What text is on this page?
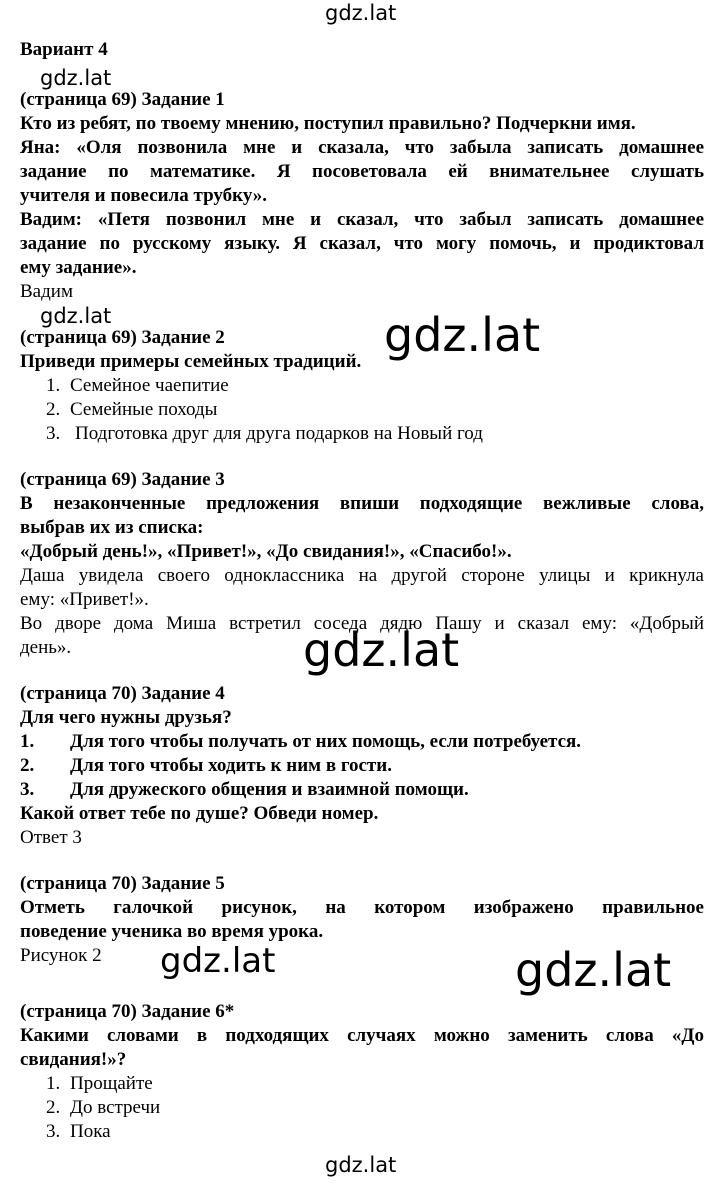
gdz.lat
gdz.lat
gdz.lat	gdz.lat
gdz.lat
gdz.lat	gdz.lat
gdz.lat
Вариант 4
(страница 69) Задание 1
Кто из ребят, по твоему мнению, поступил правильно? Подчеркни имя.
Яна: «Оля позвонила мне и сказала, что забыла записать домашнее
задание по математике. Я посоветовала ей внимательнее слушать
учителя и повесила трубку».
Вадим: «Петя позвонил мне и сказал, что забыл записать домашнее
задание по русскому языку. Я сказал, что могу помочь, и продиктовал
ему задание».
Вадим
(страница 69) Задание 2
Приведи примеры семейных традиций.
1. Семейное чаепитие
2. Семейные походы
3. Подготовка друг для друга подарков на Новый год
(страница 69) Задание 3
В незаконченные предложения впиши подходящие вежливые слова,
выбрав их из списка:
«Добрый день!», «Привет!», «До свидания!», «Спасибо!».
Даша увидела своего одноклассника на другой стороне улицы и крикнула
ему: «Привет!».
Во дворе дома Миша встретил соседа дядю Пашу и сказал ему: «Добрый
день».
(страница 70) Задание 4
Для чего нужны друзья?
1. Для того чтобы получать от них помощь, если потребуется.
2. Для того чтобы ходить к ним в гости.
3. Для дружеского общения и взаимной помощи.
Какой ответ тебе по душе? Обведи номер.
Ответ 3
(страница 70) Задание 5
Отметь галочкой рисунок, на котором изображено правильное
поведение ученика во время урока.
Рисунок 2
(страница 70) Задание 6*
Какими словами в подходящих случаях можно заменить слова «До
свидания!»?
1. Прощайте
2. До встречи
3. Пока
